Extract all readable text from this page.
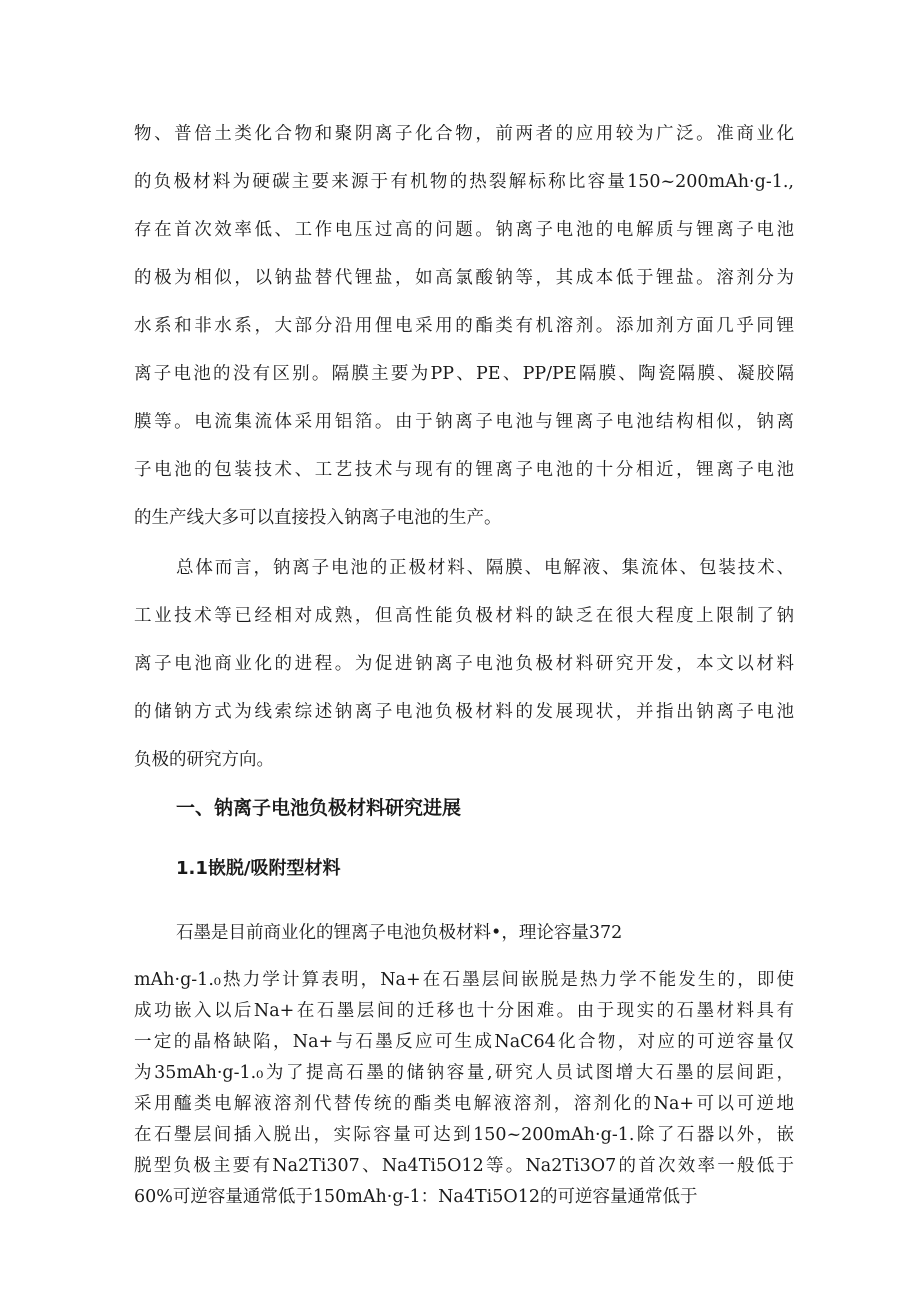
物、普倍土类化合物和聚阴离子化合物，前两者的应用较为广泛。准商业化
的负极材料为硬碳主要来源于有机物的热裂解标称比容量150~200mAh·g-1.,
存在首次效率低、工作电压过高的问题。钠离子电池的电解质与锂离子电池
的极为相似，以钠盐替代锂盐，如高氯酸钠等，其成本低于锂盐。溶剂分为
水系和非水系，大部分沿用俚电采用的酯类有机溶剂。添加剂方面几乎同锂
离子电池的没有区别。隔膜主要为PP、PE、PP/PE隔膜、陶瓷隔膜、凝胶隔
膜等。电流集流体采用铝箔。由于钠离子电池与锂离子电池结构相似，钠离
子电池的包装技术、工艺技术与现有的锂离子电池的十分相近，锂离子电池
的生产线大多可以直接投入钠离子电池的生产。
总体而言，钠离子电池的正极材料、隔膜、电解液、集流体、包装技术、
工业技术等已经相对成熟，但高性能负极材料的缺乏在很大程度上限制了钠
离子电池商业化的进程。为促进钠离子电池负极材料研究开发，本文以材料
的储钠方式为线索综述钠离子电池负极材料的发展现状，并指出钠离子电池
负极的研究方向。
一、钠离子电池负极材料研究进展
1.1嵌脱/吸附型材料
石墨是目前商业化的锂离子电池负极材料•，理论容量372
mAh·g-1.₀热力学计算表明，Na+在石墨层间嵌脱是热力学不能发生的，即使
成功嵌入以后Na+在石墨层间的迁移也十分困难。由于现实的石墨材料具有
一定的晶格缺陷，Na+与石墨反应可生成NaC64化合物，对应的可逆容量仅
为35mAh·g-1.₀为了提高石墨的储钠容量,研究人员试图增大石墨的层间距，
采用醯类电解液溶剂代替传统的酯类电解液溶剂，溶剂化的Na+可以可逆地
在石璺层间插入脱出，实际容量可达到150~200mAh·g-1.除了石器以外，嵌
脱型负极主要有Na2Ti307、Na4Ti5O12等。Na2Ti3O7的首次效率一般低于
60%可逆容量通常低于150mAh·g-1：Na4Ti5O12的可逆容量通常低于
